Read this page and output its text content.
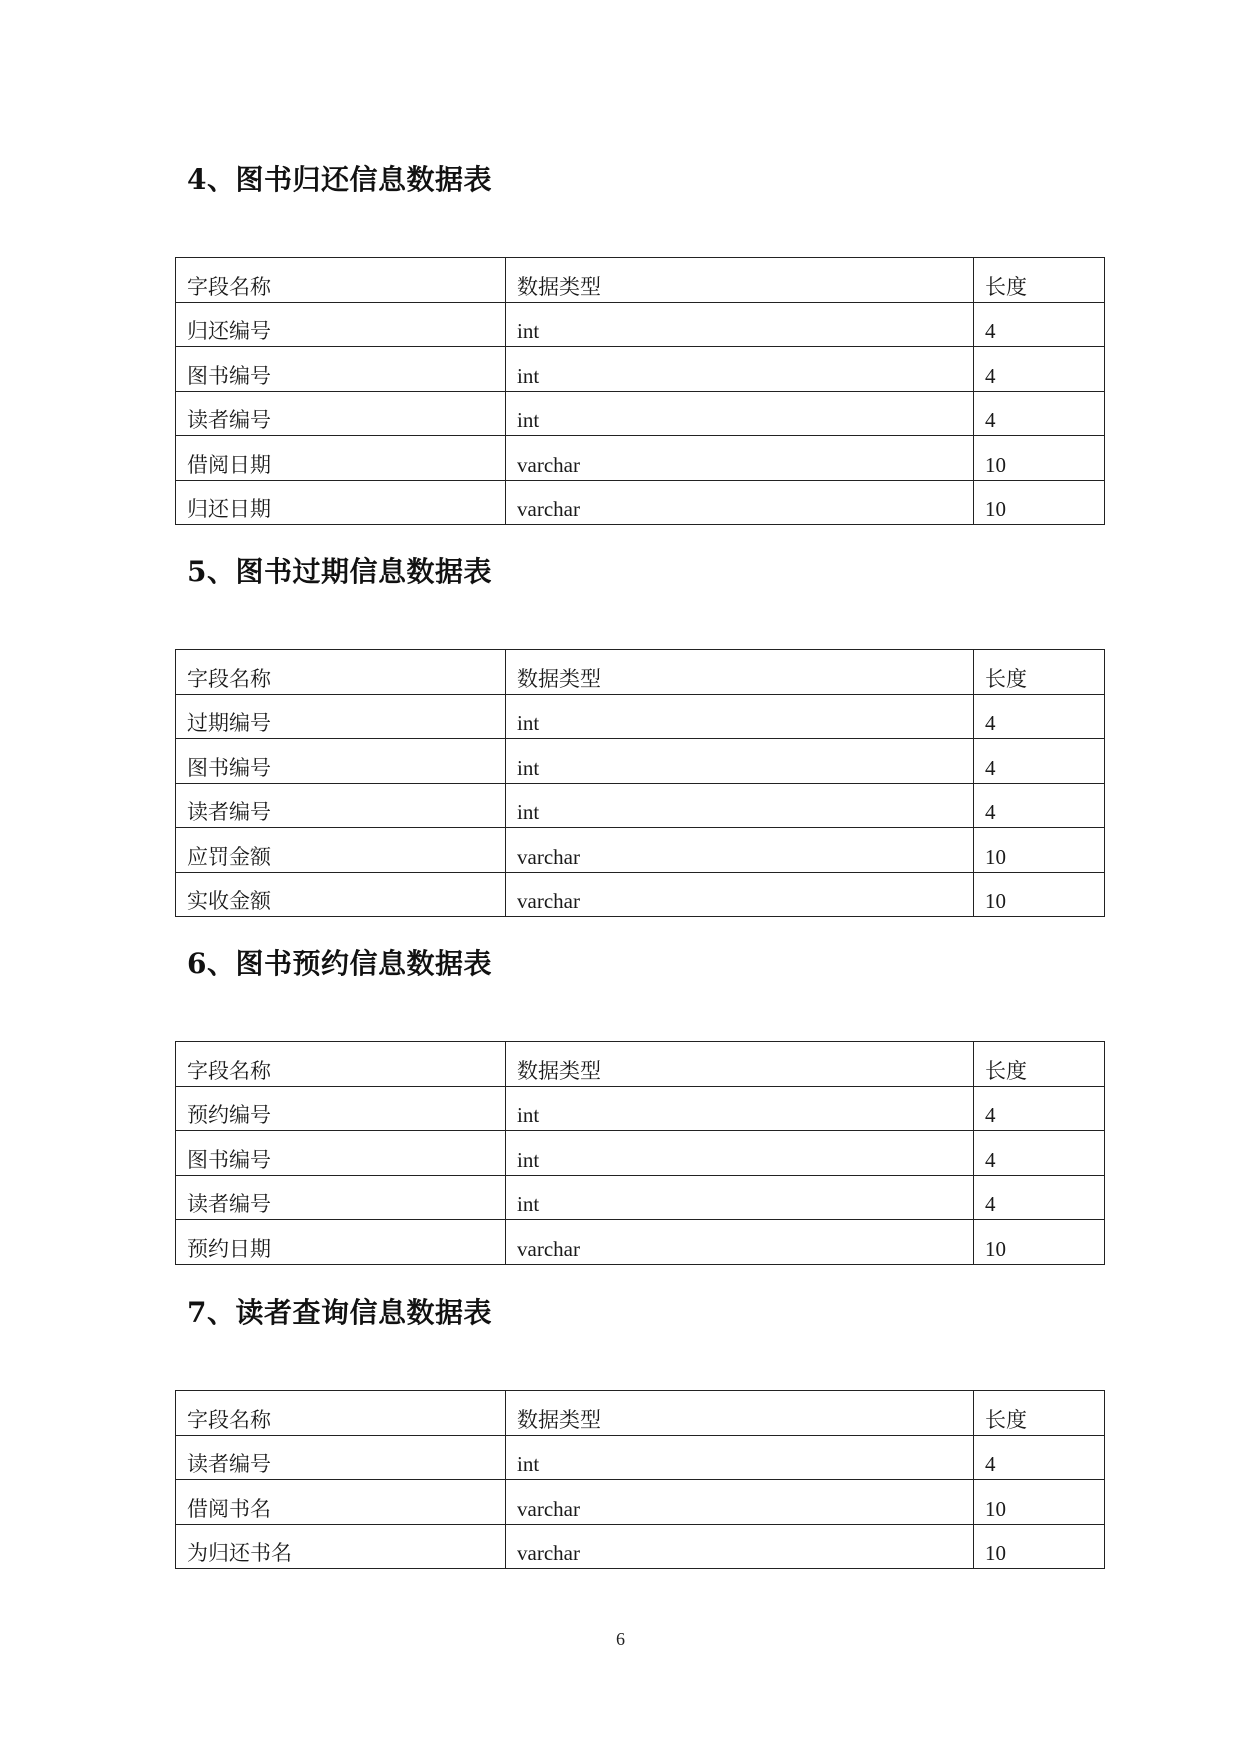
4、图书归还信息数据表
字段名称	数据类型	长度
归还编号	int	4
图书编号	int	4
读者编号	int	4
借阅日期	varchar	10
归还日期	varchar	10
5、图书过期信息数据表
字段名称	数据类型	长度
过期编号	int	4
图书编号	int	4
读者编号	int	4
应罚金额	varchar	10
实收金额	varchar	10
6、图书预约信息数据表
字段名称	数据类型	长度
预约编号	int	4
图书编号	int	4
读者编号	int	4
预约日期	varchar	10
7、读者查询信息数据表
字段名称	数据类型	长度
读者编号	int	4
借阅书名	varchar	10
为归还书名	varchar	10
6
